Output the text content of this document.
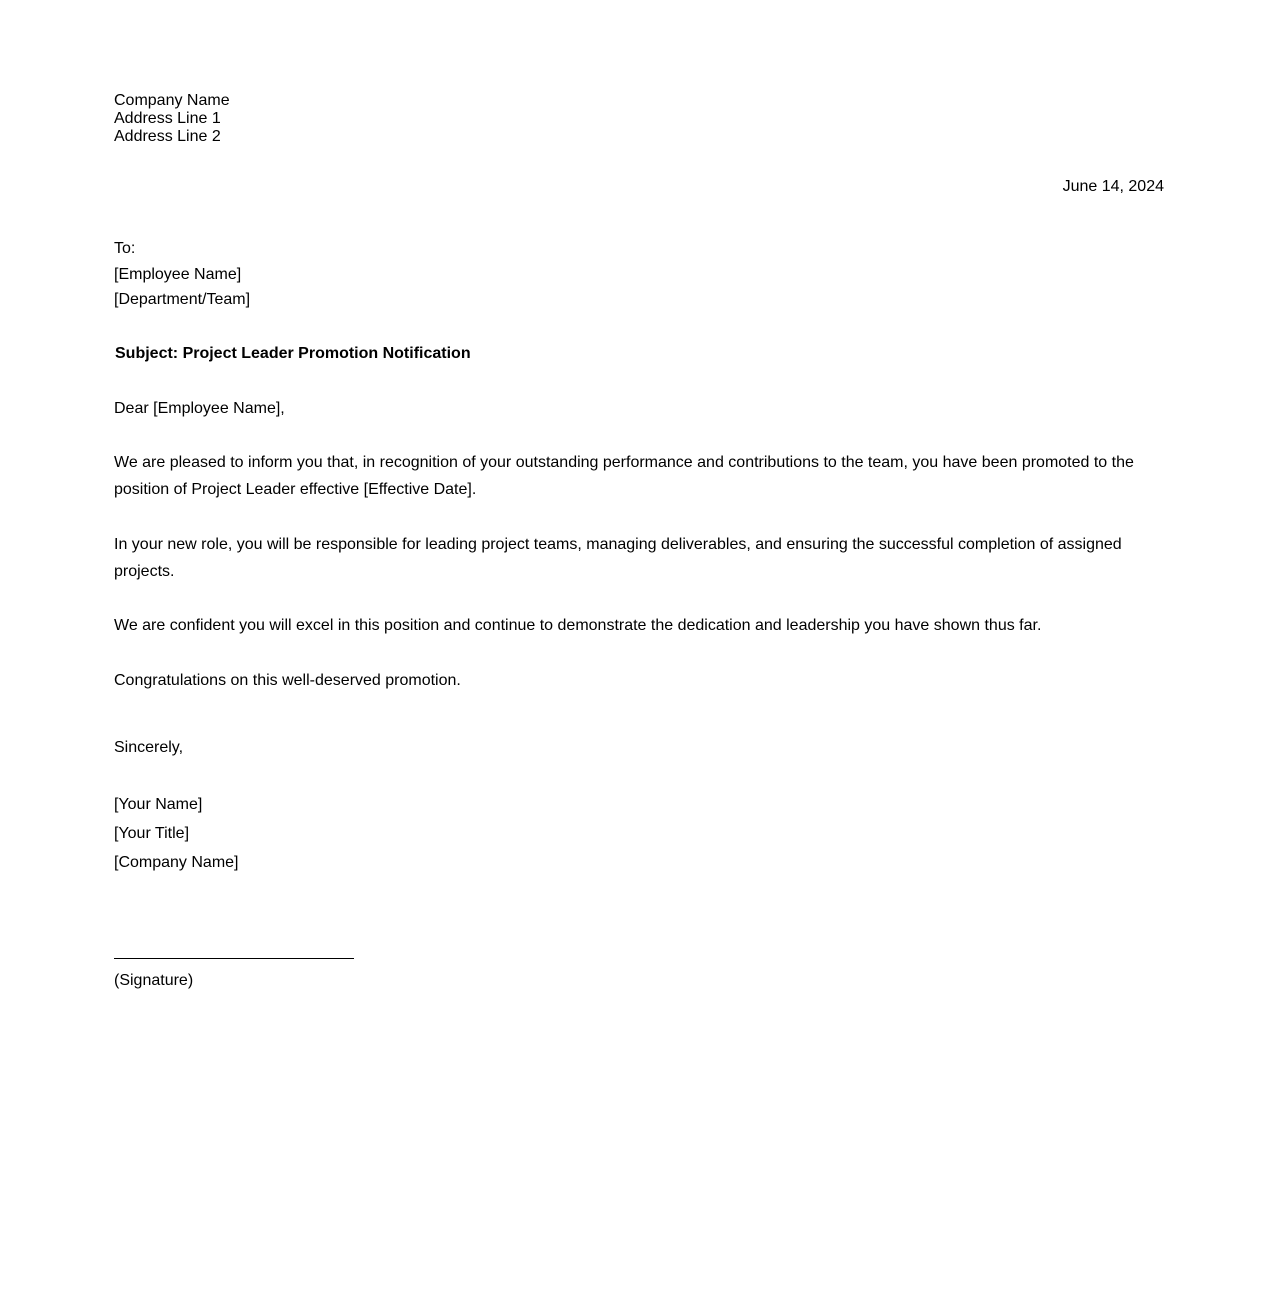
Company Name
Address Line 1
Address Line 2
June 14, 2024
To:
[Employee Name]
[Department/Team]
Subject: Project Leader Promotion Notification
Dear [Employee Name],
We are pleased to inform you that, in recognition of your outstanding performance and contributions to the team, you have been promoted to the position of Project Leader effective [Effective Date].
In your new role, you will be responsible for leading project teams, managing deliverables, and ensuring the successful completion of assigned projects.
We are confident you will excel in this position and continue to demonstrate the dedication and leadership you have shown thus far.
Congratulations on this well-deserved promotion.
Sincerely,
[Your Name]
[Your Title]
[Company Name]
(Signature)
